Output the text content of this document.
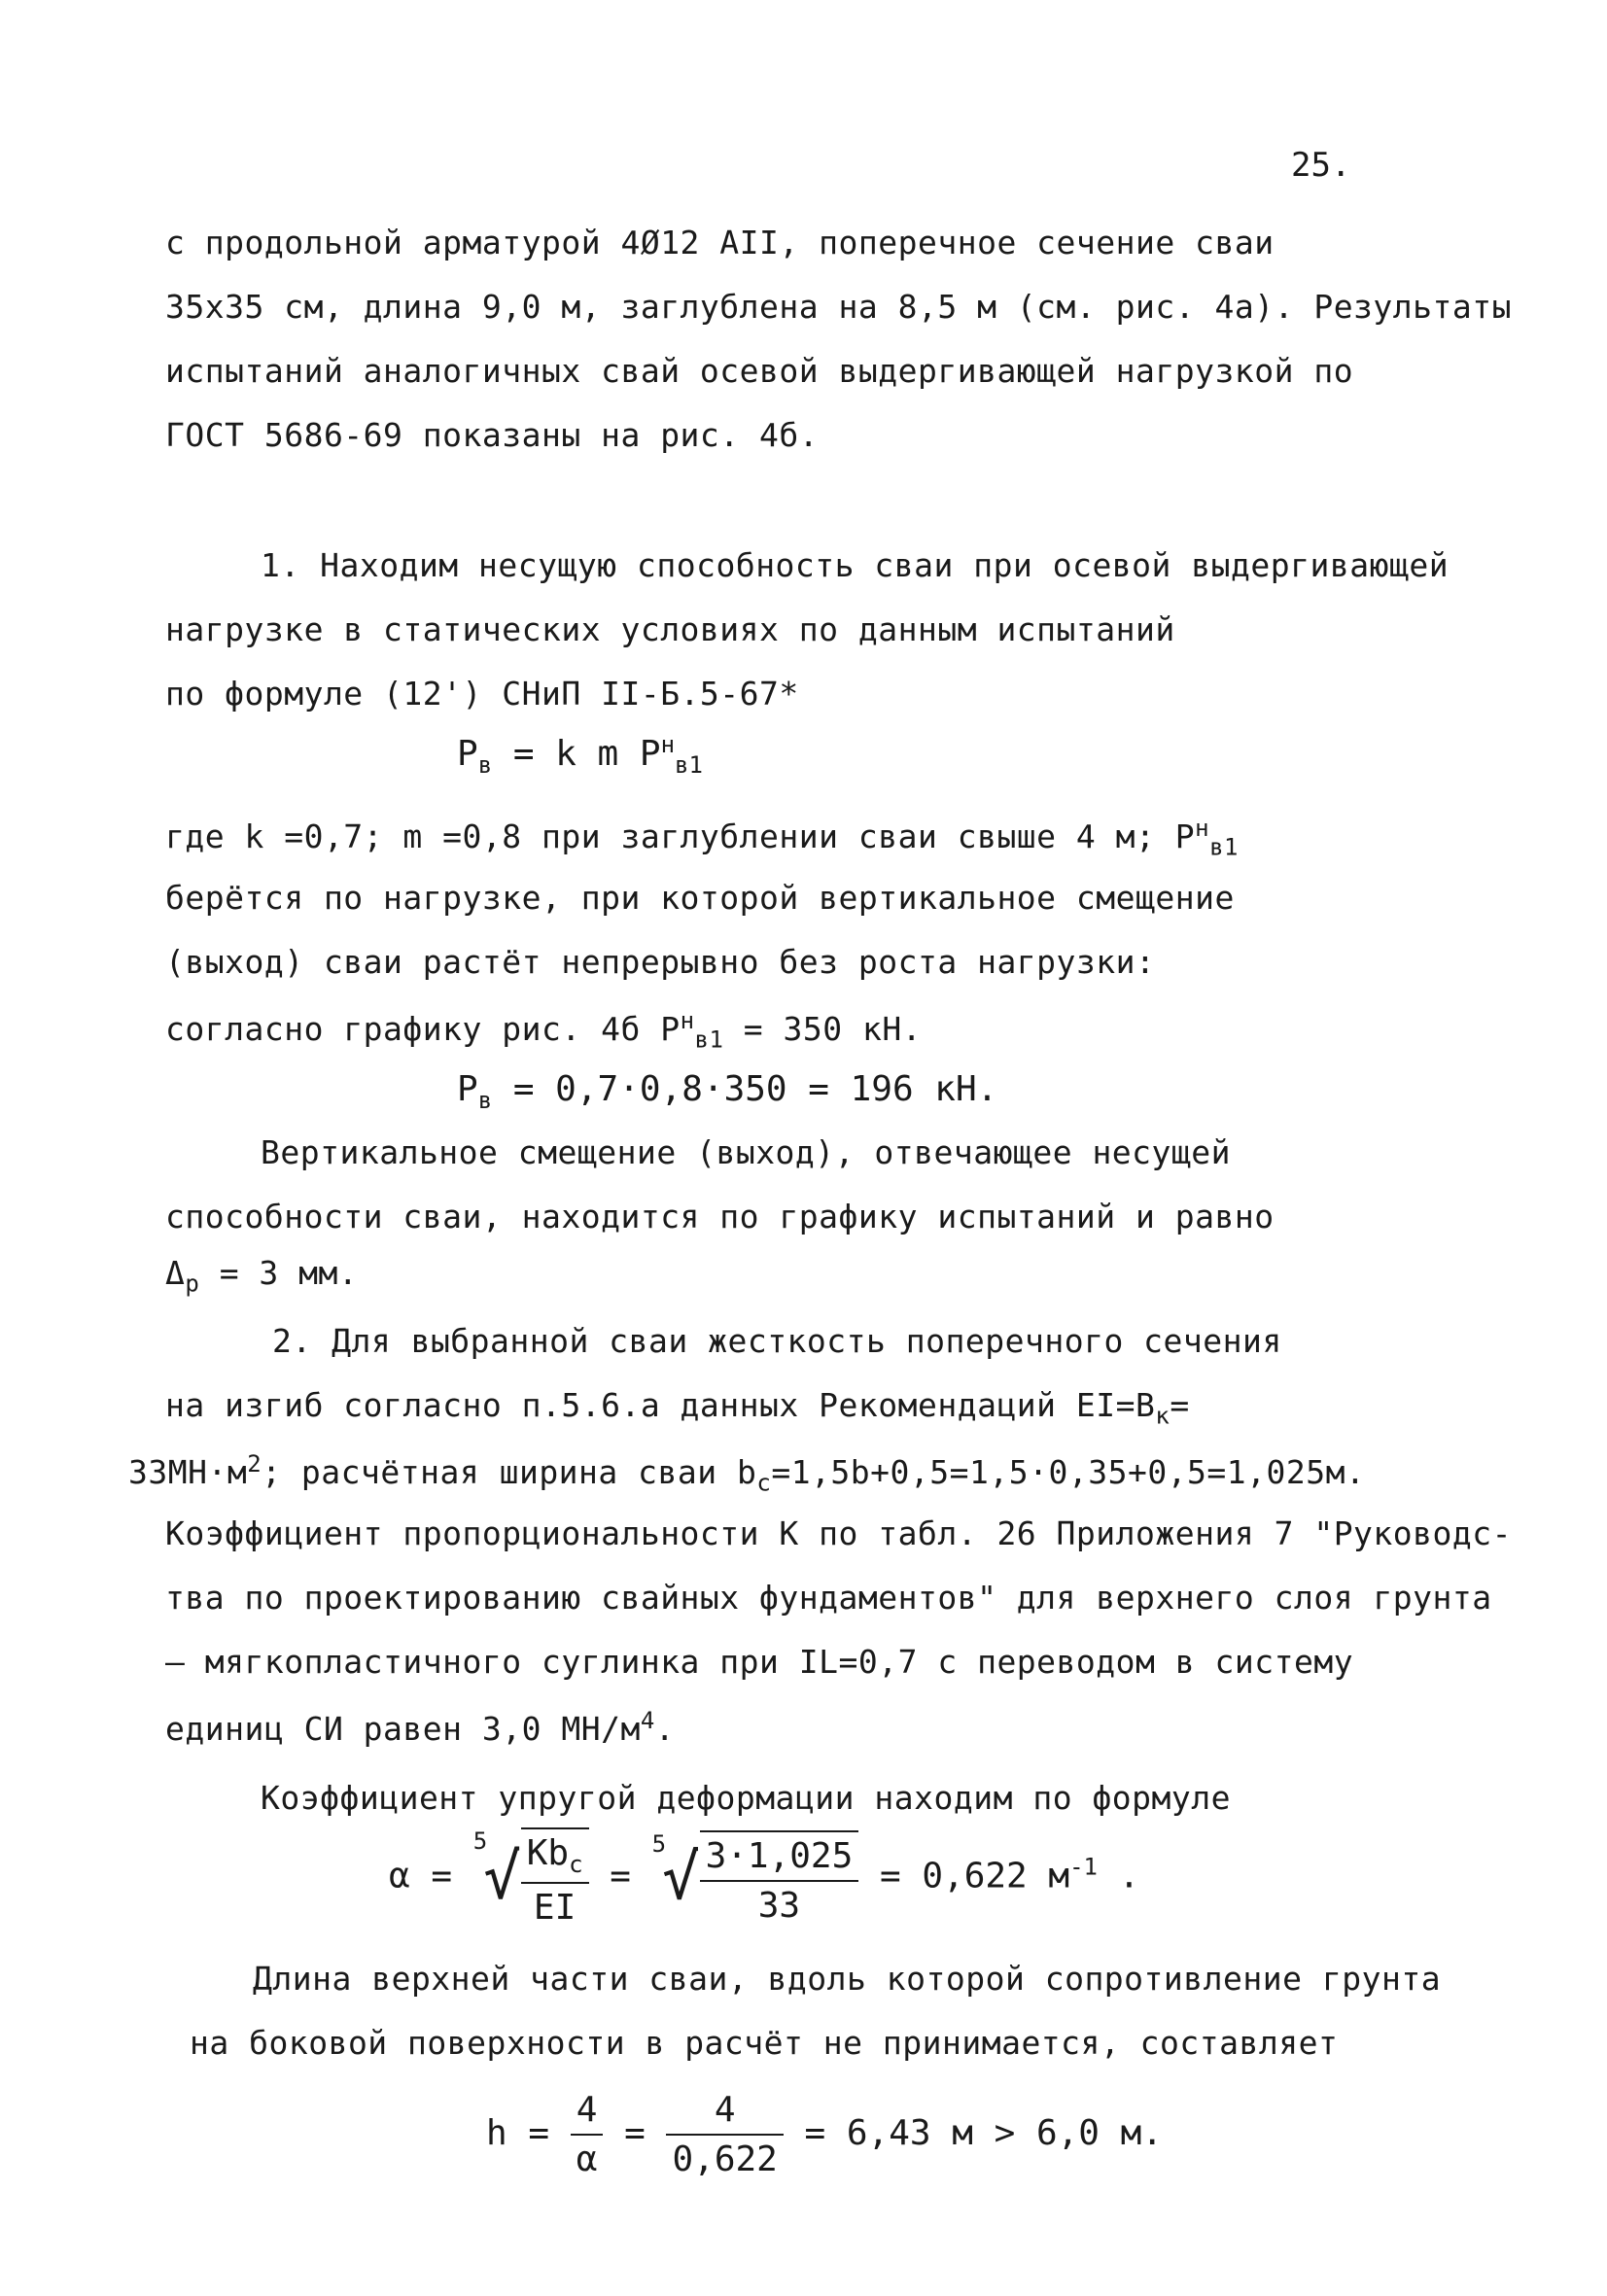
25.
с продольной арматурой 4Ø12 АII, поперечное сечение сваи
35х35 см, длина 9,0 м, заглублена на 8,5 м (см. рис. 4а). Результаты
испытаний аналогичных свай осевой выдергивающей нагрузкой по
ГОСТ 5686-69 показаны на рис. 4б.
1. Находим несущую способность сваи при осевой выдергивающей
нагрузке в статических условиях по данным испытаний
по формуле (12') СНиП II-Б.5-67*
$P_в = k$ m $P^н_{в1}$
где k =0,7; m =0,8 при заглублении сваи свыше 4 м; $P^н_{в1}$
берётся по нагрузке, при которой вертикальное смещение
(выход) сваи растёт непрерывно без роста нагрузки:
согласно графику рис. 4б $P^н_{в1} = 350$ кН.
$P_в = 0,7\cdot 0,8\cdot 350 = 196$ кН.
Вертикальное смещение (выход), отвечающее несущей
способности сваи, находится по графику испытаний и равно
$\Delta_р = 3$ мм.
2. Для выбранной сваи жесткость поперечного сечения
на изгиб согласно п.5.6.а данных Рекомендаций $EI=B_к=$
$33МН\cdot м^2$; расчётная ширина сваи $b_с=1,5b+0,5=1,5\cdot 0,35+0,5=1,025м$.
Коэффициент пропорциональности К по табл. 26 Приложения 7 "Руководс-
тва по проектированию свайных фундаментов" для верхнего слоя грунта
— мягкопластичного суглинка при IL=0,7 с переводом в систему
единиц СИ равен 3,0 $МН/м^4$.
Коэффициент упругой деформации находим по формуле
$\alpha = ^5√ \frac{Kb_с}{EI} = ^5√ \frac{3\cdot 1,025}{33} = 0,622$ $м^{-1}$ .
Длина верхней части сваи, вдоль которой сопротивление грунта
на боковой поверхности в расчёт не принимается, составляет
$h = \frac{4}{\alpha} = \frac{4}{0,622} = 6,43$ м > 6,0 м.
